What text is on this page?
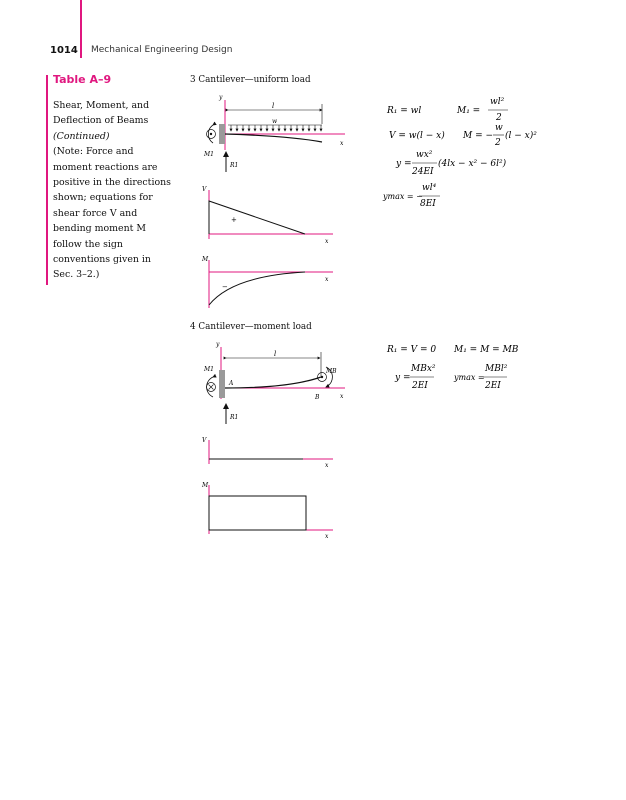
1014 Mechanical Engineering Design
Table A–9
Shear, Moment, and
Deflection of Beams
(Continued)
(Note: Force and
moment reactions are
positive in the directions
shown; equations for
shear force V and
bending moment M
follow the sign
conventions given in
Sec. 3–2.)
3 Cantilever—uniform load
4 Cantilever—moment load
y
l
w
x
M1
R1
V
+
x
M
−
x
y
l
x
A
B
M1	MB
R1
V
x
M
x
R₁ = wl	M₁ =
wl²
2
V = w(l − x) M = −
w
2
(l − x)²
y =
wx²
24EI
(4lx − x² − 6l²)
ymax = −
wl⁴
8EI
R₁ = V = 0 M₁ = M = MB
y =
MBx²
2EI
ymax =
MBl²
2EI
